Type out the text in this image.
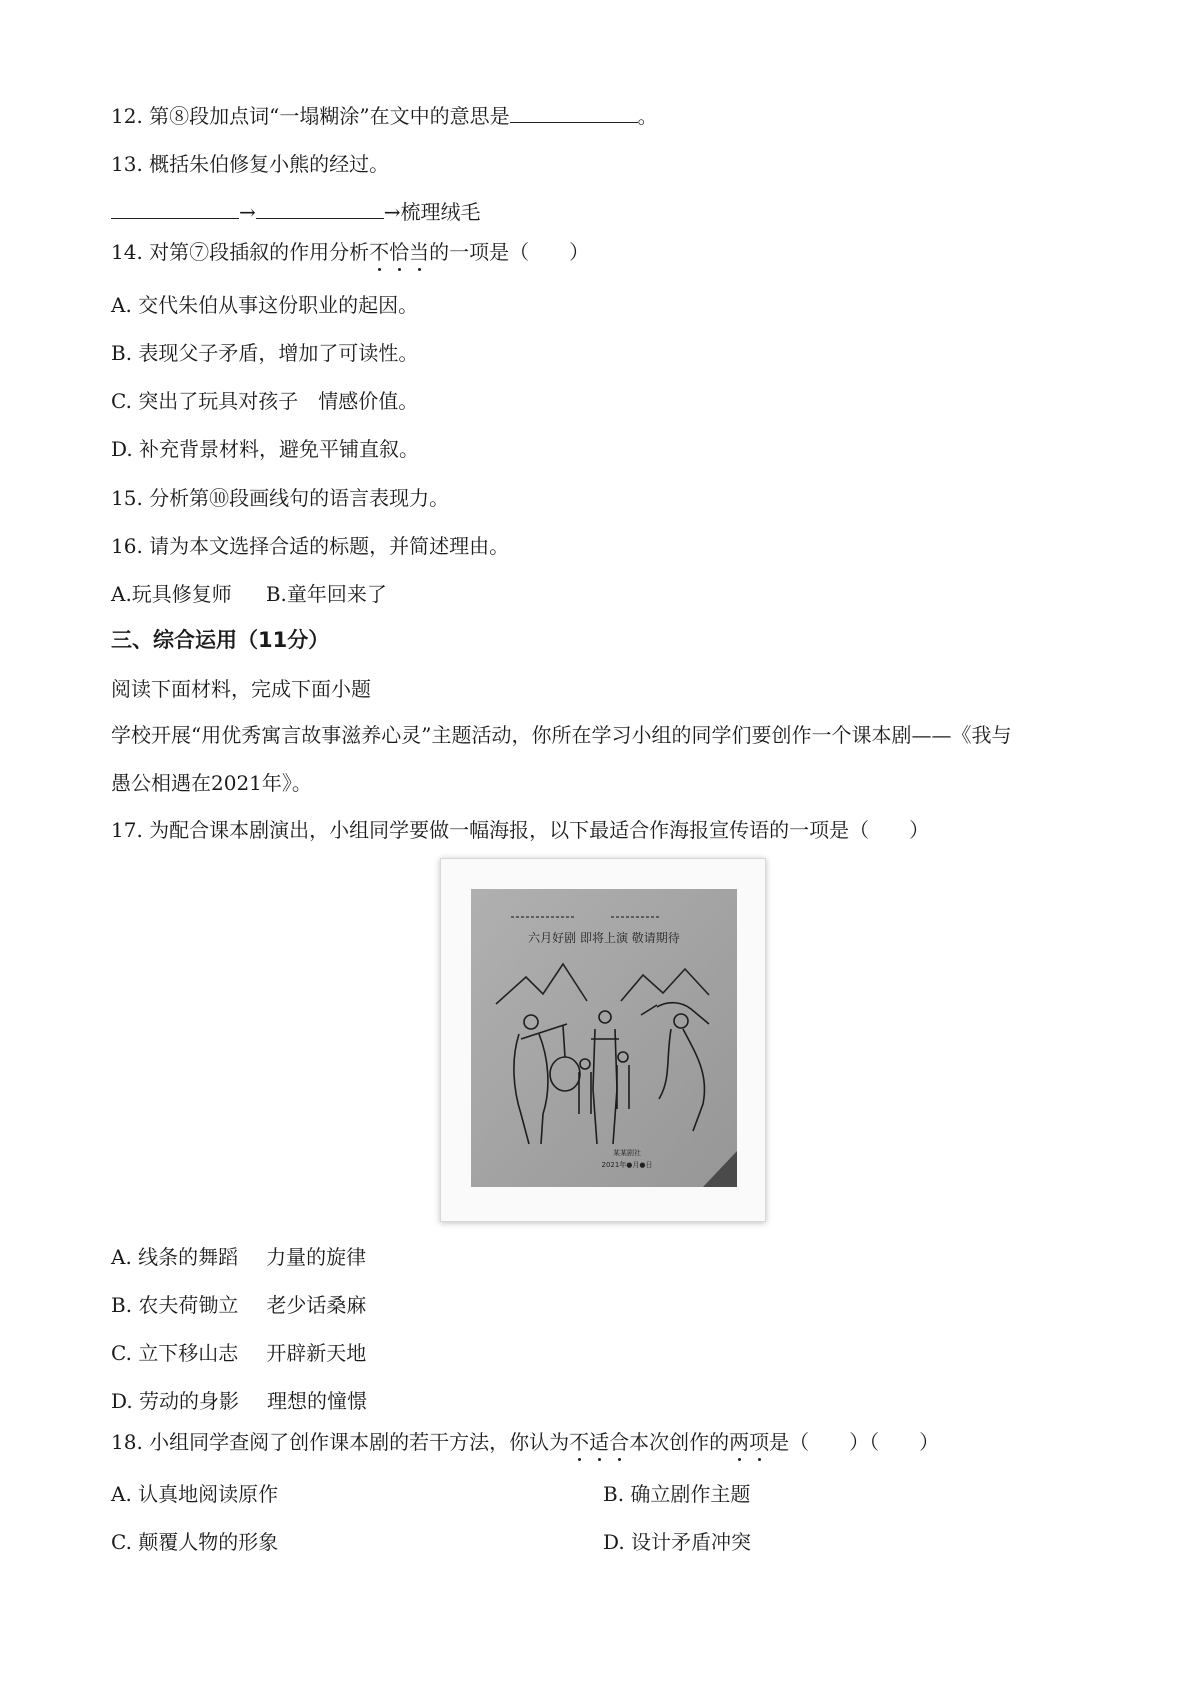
12. 第⑧段加点词“一塌糊涂”在文中的意思是	。
13. 概括朱伯修复小熊的经过。
→	→梳理绒毛
14. 对第⑦段插叙的作用分析不恰当的一项是（　　）
A. 交代朱伯从事这份职业的起因。
B. 表现父子矛盾，增加了可读性。
C. 突出了玩具对孩子　情感价值。
D. 补充背景材料，避免平铺直叙。
15. 分析第⑩段画线句的语言表现力。
16. 请为本文选择合适的标题，并简述理由。
A.玩具修复师 B.童年回来了
三、综合运用（11分）
阅读下面材料，完成下面小题
学校开展“用优秀寓言故事滋养心灵”主题活动，你所在学习小组的同学们要创作一个课本剧——《我与
愚公相遇在2021年》。
17. 为配合课本剧演出，小组同学要做一幅海报，以下最适合作海报宣传语的一项是（　　）
六月好剧 即将上演 敬请期待
某某剧社
2021年●月●日
A. 线条的舞蹈 力量的旋律
B. 农夫荷锄立 老少话桑麻
C. 立下移山志 开辟新天地
D. 劳动的身影 理想的憧憬
18. 小组同学查阅了创作课本剧的若干方法，你认为不适合本次创作的两项是（　　）（　　）
A. 认真地阅读原作	B. 确立剧作主题
C. 颠覆人物的形象	D. 设计矛盾冲突
